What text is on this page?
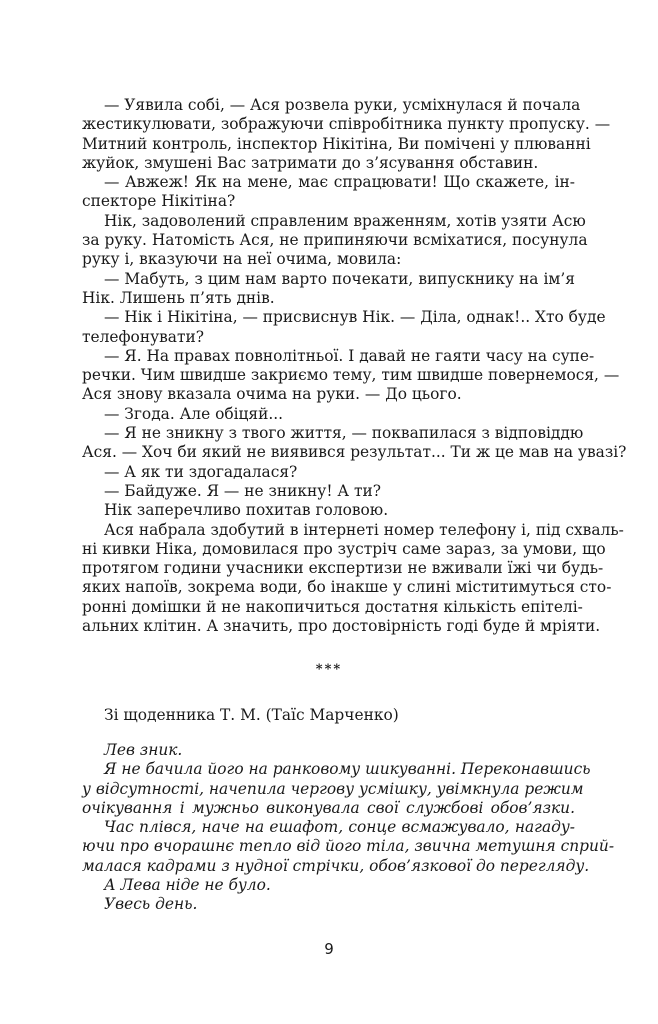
— Уявила собі, — Ася розвела руки, усміхнулася й почала
жестикулювати, зображуючи співробітника пункту пропуску. —
Митний контроль, інспектор Нікітіна, Ви помічені у плюванні
жуйок, змушені Вас затримати до з’ясування обставин.
— Авжеж! Як на мене, має спрацювати! Що скажете, ін-
спекторе Нікітіна?
Нік, задоволений справленим враженням, хотів узяти Асю
за руку. Натомість Ася, не припиняючи всміхатися, посунула
руку і, вказуючи на неї очима, мовила:
— Мабуть, з цим нам варто почекати, випускнику на ім’я
Нік. Лишень п’ять днів.
— Нік і Нікітіна, — присвиснув Нік. — Діла, однак!.. Хто буде
телефонувати?
— Я. На правах повнолітньої. І давай не гаяти часу на супе-
речки. Чим швидше закриємо тему, тим швидше повернемося, —
Ася знову вказала очима на руки. — До цього.
— Згода. Але обіцяй...
— Я не зникну з твого життя, — поквапилася з відповіддю
Ася. — Хоч би який не виявився результат... Ти ж це мав на увазі?
— А як ти здогадалася?
— Байдуже. Я — не зникну! А ти?
Нік заперечливо похитав головою.
Ася набрала здобутий в інтернеті номер телефону і, під схваль-
ні кивки Ніка, домовилася про зустріч саме зараз, за умови, що
протягом години учасники експертизи не вживали їжі чи будь-
яких напоїв, зокрема води, бо інакше у слині міститимуться сто-
ронні домішки й не накопичиться достатня кількість епітелі-
альних клітин. А значить, про достовірність годі буде й мріяти.
***
Зі щоденника Т. М. (Таїс Марченко)
Лев зник.
Я не бачила його на ранковому шикуванні. Переконавшись
у відсутності, начепила чергову усмішку, увімкнула режим
очікування і мужньо виконувала свої службові обов’язки.
Час плівся, наче на ешафот, сонце всмажувало, нагаду-
ючи про вчорашнє тепло від його тіла, звична метушня сприй-
малася кадрами з нудної стрічки, обов’язкової до перегляду.
А Лева ніде не було.
Увесь день.
9
